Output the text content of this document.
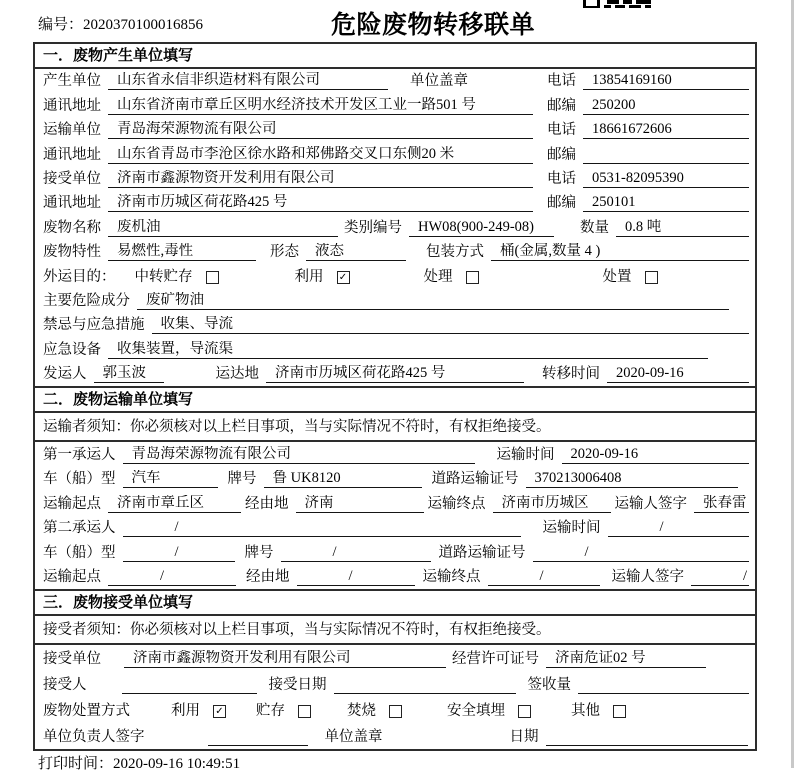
编号：2020370100016856	危险废物转移联单
一．废物产生单位填写
产生单位	山东省永信非织造材料有限公司	单位盖章	电话	13854169160
通讯地址	山东省济南市章丘区明水经济技术开发区工业一路501 号	邮编	250200
运输单位	青岛海荣源物流有限公司	电话	18661672606
通讯地址	山东省青岛市李沧区徐水路和郑佛路交叉口东侧20 米	邮编
接受单位	济南市鑫源物资开发利用有限公司	电话	0531-82095390
通讯地址	济南市历城区荷花路425 号	邮编	250101
废物名称	废机油	类别编号	HW08(900-249-08)	数量	0.8 吨
废物特性	易燃性,毒性	形态	液态	包装方式	桶(金属,数量 4 )
外运目的： 中转贮存	利用 ✓	处理	处置
主要危险成分	废矿物油
禁忌与应急措施	收集、导流
应急设备	收集装置，导流渠
发运人	郭玉波	运达地	济南市历城区荷花路425 号	转移时间	2020-09-16
二．废物运输单位填写
运输者须知：你必须核对以上栏目事项，当与实际情况不符时，有权拒绝接受。
第一承运人	青岛海荣源物流有限公司	运输时间	2020-09-16
车（船）型	汽车	牌号	鲁 UK8120	道路运输证号	370213006408
运输起点	济南市章丘区	经由地	济南	运输终点	济南市历城区	运输人签字	张春雷
第二承运人	/	运输时间	/
车（船）型	/	牌号	/	道路运输证号	/
运输起点	/	经由地	/	运输终点	/	运输人签字	/
三．废物接受单位填写
接受者须知：你必须核对以上栏目事项，当与实际情况不符时，有权拒绝接受。
接受单位	济南市鑫源物资开发利用有限公司	经营许可证号	济南危证02 号
接受人	接受日期	签收量
废物处置方式	利用 ✓ 贮存	焚烧	安全填埋	其他
单位负责人签字	单位盖章	日期
打印时间：2020-09-16 10:49:51
